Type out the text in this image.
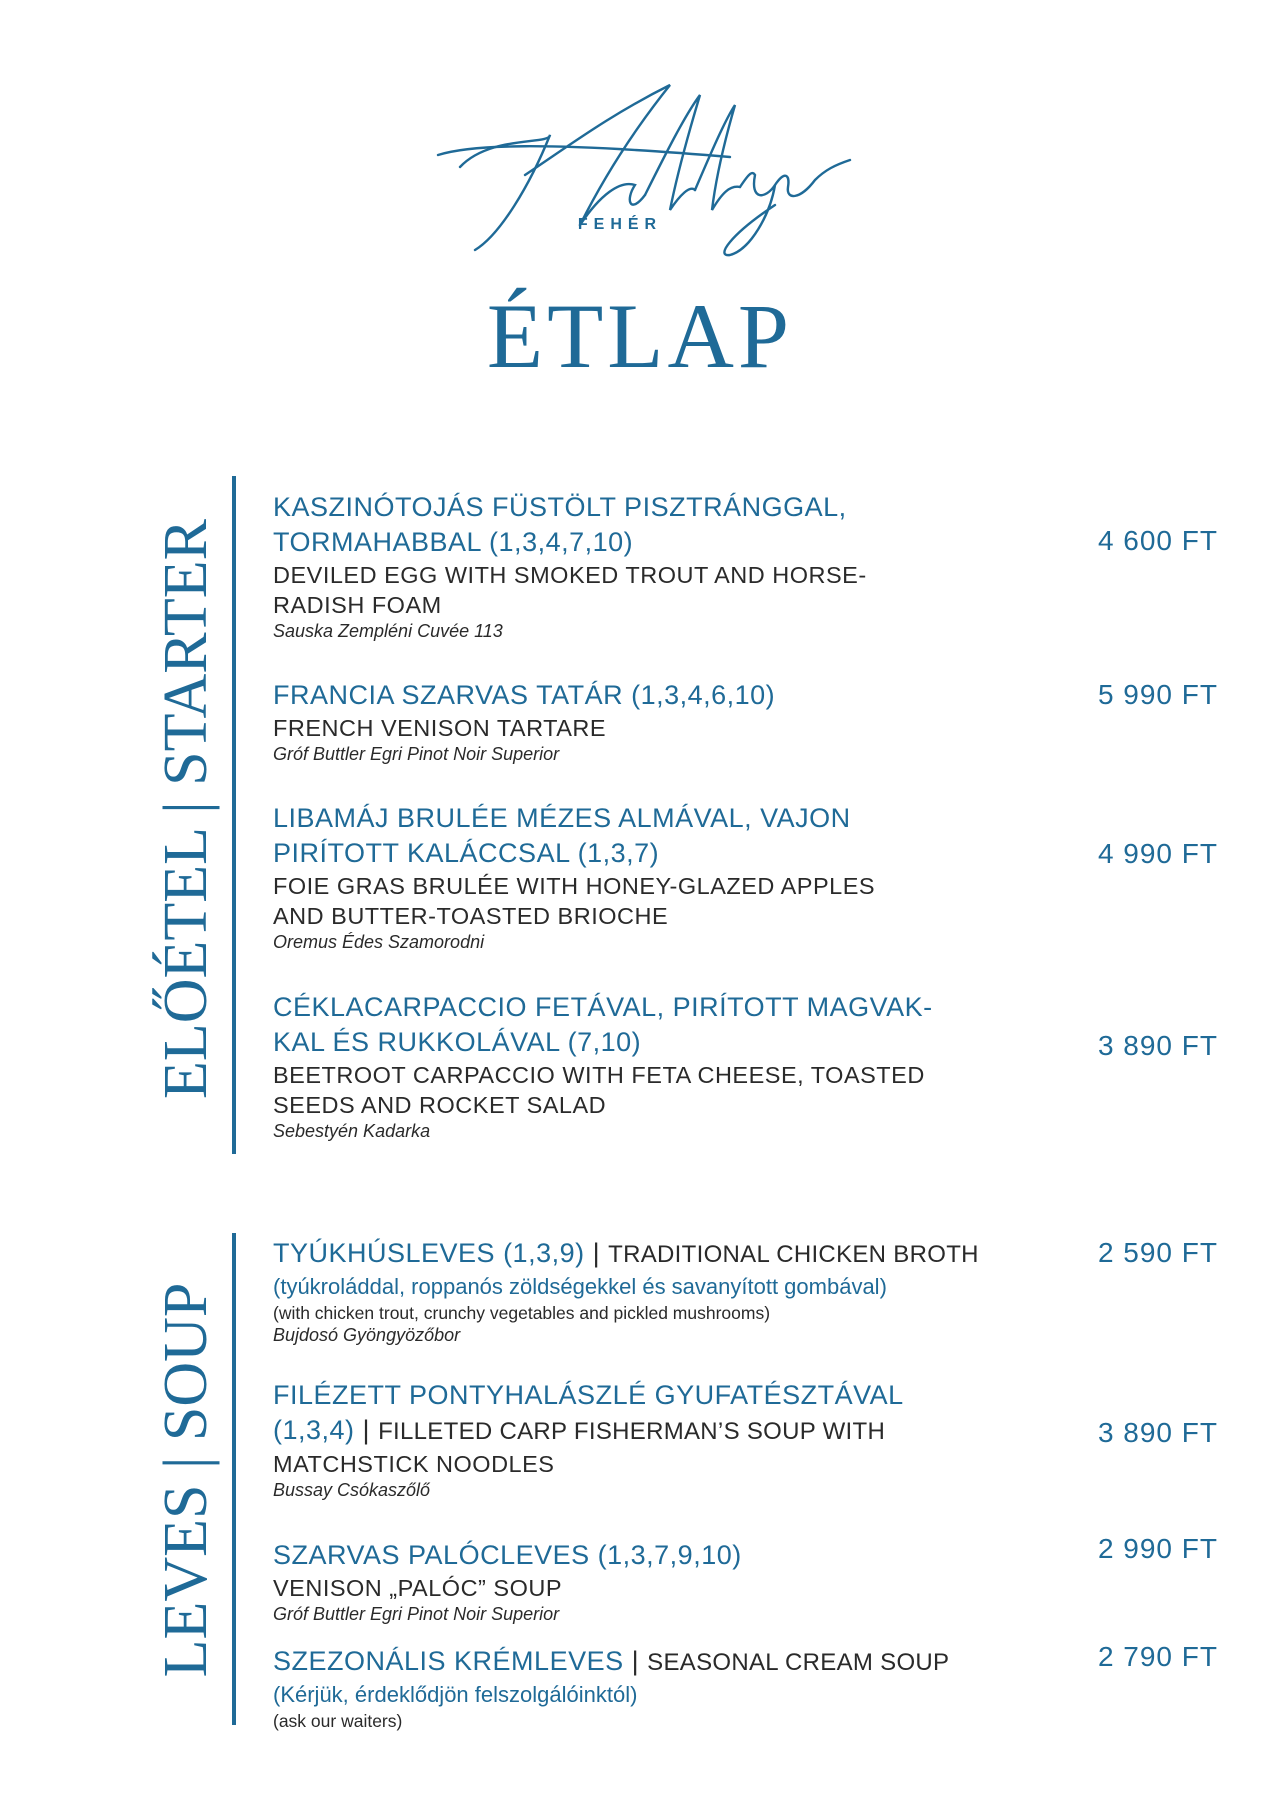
FEHÉR
ÉTLAP
ELŐÉTEL | STARTER
KASZINÓTOJÁS FÜSTÖLT PISZTRÁNGGAL,
TORMAHABBAL (1,3,4,7,10)
DEVILED EGG WITH SMOKED TROUT AND HORSE-
RADISH FOAM
Sauska Zempléni Cuvée 113
4 600 FT
FRANCIA SZARVAS TATÁR (1,3,4,6,10)
FRENCH VENISON TARTARE
Gróf Buttler Egri Pinot Noir Superior
5 990 FT
LIBAMÁJ BRULÉE MÉZES ALMÁVAL, VAJON
PIRÍTOTT KALÁCCSAL (1,3,7)
FOIE GRAS BRULÉE WITH HONEY-GLAZED APPLES
AND BUTTER-TOASTED BRIOCHE
Oremus Édes Szamorodni
4 990 FT
CÉKLACARPACCIO FETÁVAL, PIRÍTOTT MAGVAK-
KAL ÉS RUKKOLÁVAL (7,10)
BEETROOT CARPACCIO WITH FETA CHEESE, TOASTED
SEEDS AND ROCKET SALAD
Sebestyén Kadarka
3 890 FT
LEVES | SOUP
TYÚKHÚSLEVES (1,3,9) | TRADITIONAL CHICKEN BROTH
(tyúkroláddal, roppanós zöldségekkel és savanyított gombával)
(with chicken trout, crunchy vegetables and pickled mushrooms)
Bujdosó Gyöngyözőbor
2 590 FT
FILÉZETT PONTYHALÁSZLÉ GYUFATÉSZTÁVAL
(1,3,4) | FILLETED CARP FISHERMAN’S SOUP WITH
MATCHSTICK NOODLES
Bussay Csókaszőlő
3 890 FT
SZARVAS PALÓCLEVES (1,3,7,9,10)
VENISON „PALÓC” SOUP
Gróf Buttler Egri Pinot Noir Superior
2 990 FT
SZEZONÁLIS KRÉMLEVES | SEASONAL CREAM SOUP
(Kérjük, érdeklődjön felszolgálóinktól)
(ask our waiters)
2 790 FT
